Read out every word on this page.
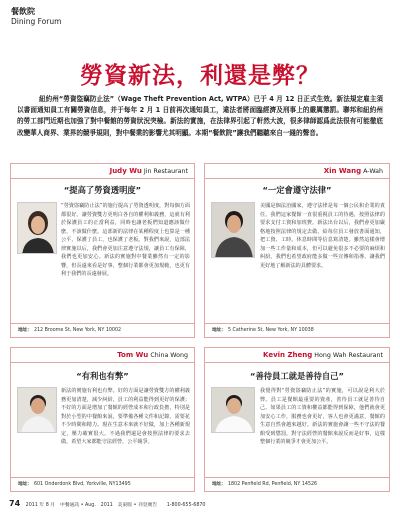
餐飲院
Dining Forum
勞資新法，利還是弊？
紐約州“勞資盜竊防止法”（Wage Theft Prevention Act, WTPA）已于 4 月 12 日正式生效。新法規定雇主須以書面通知員工有關勞資信息，并于每年 2 月 1 日前再次通知員工，違法者將面臨經濟及刑事上的嚴厲懲罰。聯邦和紐約州的勞工部門近期也加強了對中餐館的勞資狀況突檢。新法的實施，在法律界引起了軒然大波，很多律師認爲此法很有可能徹底改變華人商界、業界的競爭規則，對中餐業的影響尤其明顯。本期“餐飲院”讓我們聽聽來自一綫的聲音。
Judy Wu Jin Restaurant
“提高了勞資透明度”
“勞資盜竊防止法”的施行提高了勞資透明度，對每個方面都很好。讓勞資雙方更明白各自的權利和義務，這就有利於保護員工的正當利益，同時也讓老板們知道應該做什麼，不該做什麼。這部新的法律在某種程度上也算是一種公平，保護了員工，也保護了老板。對我們來說，這部法律實施以后，我們會更加注意遵守法規，讓員工有保障，我們也更加安心。新法的實施對中餐業雖然有一定的影響，但長遠來看是好事，整個行業都會更加規範，也更有利于我們的長遠發展。
地址： 212 Broome St, New York, NY 10002
Xin Wang A-Wah
“一定會遵守法律”
美國是個法治國家，遵守法律是每一個公民和企業的責任。我們這家餐館一直很重視員工的待遇，按照法律的要求支付工資和加班費。新法出台以后，我們會更加嚴格地按照法律的規定去做，給每位員工發放書面通知，把工資、工時、休息時間等信息寫清楚。雖然這樣會增加一些工作量和成本，但可以避免很多不必要的麻煩和糾紛。我們也希望政府能多做一些宣傳和指導，讓我們更好地了解新法的具體要求。
地址： 5 Catherine St, New York, NY 10038
Tom Wu China Wong
“有利也有弊”
新法的實施有利也有弊。好的方面是讓勞資雙方的權利義務更加清楚，減少糾紛，員工的利益能得到更好的保護；不好的方面是增加了餐館的經營成本和行政負擔，特別是對於小型的中餐館來說，要準備各種文件和記錄，需要花不少時間和精力。現在生意本來就不好做，加上各種新規定，壓力確實很大。不過我們還是會按照法律的要求去做，希望大家都能守法經營，公平競爭。
地址： 601 Onderdonk Blvd, Yorkville, NY13495
Kevin Zheng Hong Wah Restaurant
“善待員工就是善待自己”
我覺得對“勞資盜竊防止法”的實施，可以說是利大於弊。員工是餐館最重要的資產，善待員工就是善待自己。如果員工的工資和權益都能得到保障，他們就會更加安心工作，服務也會更好，客人也會更滿意，餐館的生意自然會越來越好。新法的實施會讓一些不守法的餐館受到懲罰，對守法經營的餐館來說反而是好事，這樣整個行業的競爭才會更加公平。
地址： 1802 Penfield Rd, Penfield, NY 14526
74 2011 年 8 月　中餐通訊 • Aug.　2011　美東版 • 刊登廣告　　1-800-655-6870
